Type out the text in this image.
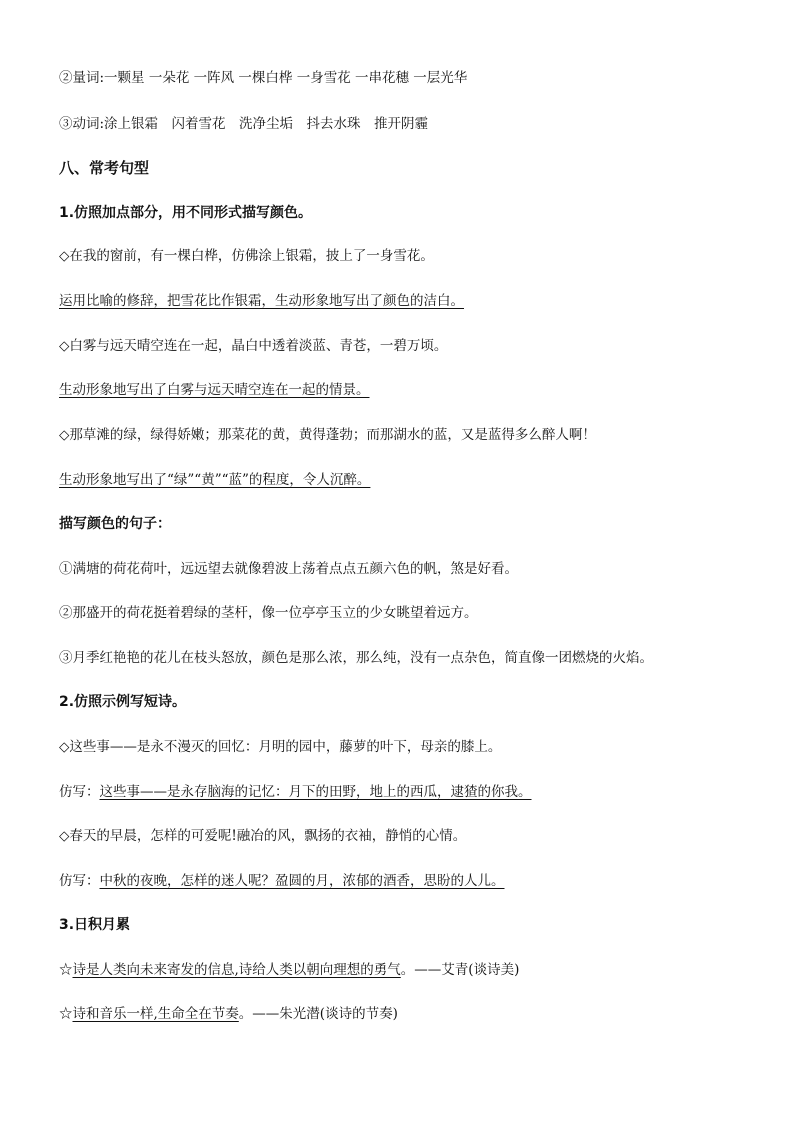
②量词:一颗星 一朵花 一阵风 一棵白桦 一身雪花 一串花穗 一层光华
③动词:涂上银霜　闪着雪花　洗净尘垢　抖去水珠　推开阴霾
八、常考句型
1.仿照加点部分，用不同形式描写颜色。
◇在我的窗前，有一棵白桦，仿佛涂上银霜，披上了一身雪花。
运用比喻的修辞，把雪花比作银霜，生动形象地写出了颜色的洁白。
◇白雾与远天晴空连在一起，晶白中透着淡蓝、青苍，一碧万顷。
生动形象地写出了白雾与远天晴空连在一起的情景。
◇那草滩的绿，绿得娇嫩；那菜花的黄，黄得蓬勃；而那湖水的蓝，又是蓝得多么醉人啊！
生动形象地写出了“绿”“黄”“蓝”的程度，令人沉醉。
描写颜色的句子：
①满塘的荷花荷叶，远远望去就像碧波上荡着点点五颜六色的帆，煞是好看。
②那盛开的荷花挺着碧绿的茎杆，像一位亭亭玉立的少女眺望着远方。
③月季红艳艳的花儿在枝头怒放，颜色是那么浓，那么纯，没有一点杂色，简直像一团燃烧的火焰。
2.仿照示例写短诗。
◇这些事——是永不漫灭的回忆：月明的园中，藤萝的叶下，母亲的膝上。
仿写：这些事——是永存脑海的记忆：月下的田野，地上的西瓜，逮猹的你我。
◇春天的早晨，怎样的可爱呢!融冶的风，飘扬的衣袖，静悄的心情。
仿写：中秋的夜晚，怎样的迷人呢？盈圆的月，浓郁的酒香，思盼的人儿。
3.日积月累
☆诗是人类向未来寄发的信息,诗给人类以朝向理想的勇气。——艾青(谈诗美)
☆诗和音乐一样,生命全在节奏。——朱光潜(谈诗的节奏)
